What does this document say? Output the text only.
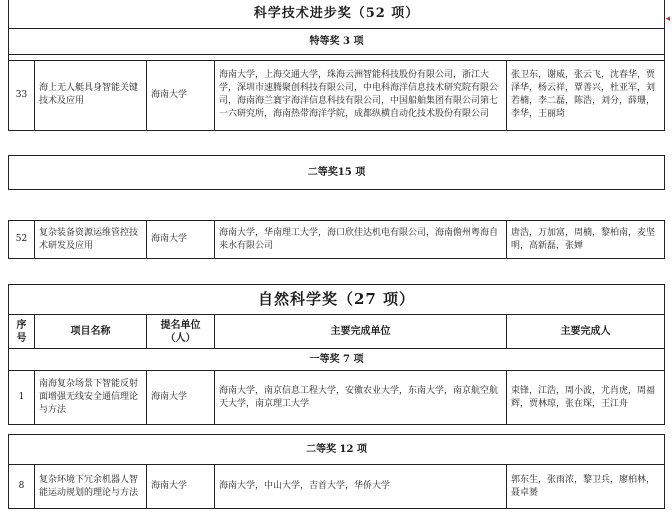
科学技术进步奖（52 项）
特等奖 3 项

33	海上无人艇具身智能关键技术及应用	海南大学	海南大学，上海交通大学，珠海云洲智能科技股份有限公司，浙江大学，深圳市速腾聚创科技有限公司，中电科海洋信息技术研究院有限公司，海南海兰寰宇海洋信息科技有限公司，中国船舶集团有限公司第七一六研究所，海南热带海洋学院，成都纵横自动化技术股份有限公司	张卫东，谢威，张云飞，沈春华，贾泽华，杨云祥，覃善兴，杜亚军，刘若楠，李二磊，陈浩，刘分，薛珊，李华，王丽琦
◂
二等奖15 项
52	复杂装备资源运维管控技术研发及应用	海南大学	海南大学，华南理工大学，海口欣佳达机电有限公司，海南儋州粤海自来水有限公司	唐浩，万加富，周楠，黎柏南，麦坚明，高新磊，张婵
自然科学奖（27 项）				
序号	项目名称	提名单位（人）	主要完成单位	主要完成人
一等奖 7 项				
1	南海复杂场景下智能反射面增强无线安全通信理论与方法	海南大学	海南大学，南京信息工程大学，安徽农业大学，东南大学，南京航空航天大学，南京理工大学	束锋，江浩，周小波，尤肖虎，周福辉，贾林琼，张在琛，王江舟
二等奖 12 项
8	复杂环境下冗余机器人智能运动规划的理论与方法	海南大学	海南大学，中山大学，吉首大学，华侨大学	郭东生，张雨浓，黎卫兵，廖柏林，聂卓赟
